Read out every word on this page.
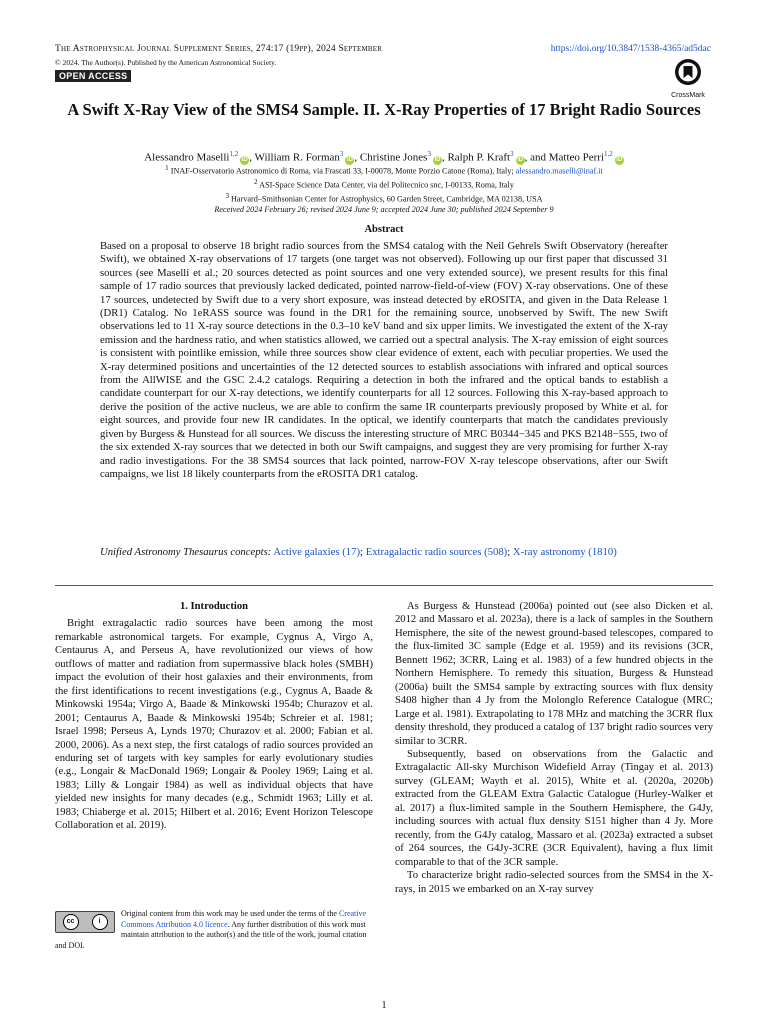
The Astrophysical Journal Supplement Series, 274:17 (19pp), 2024 September	https://doi.org/10.3847/1538-4365/ad5dac
© 2024. The Author(s). Published by the American Astronomical Society.
OPEN ACCESS
CrossMark
A Swift X-Ray View of the SMS4 Sample. II. X-Ray Properties of 17 Bright Radio Sources
Alessandro Maselli$^{1,2}$iD , William R. Forman$^3$iD , Christine Jones$^3$iD , Ralph P. Kraft$^3$iD , and Matteo Perri$^{1,2}$iD
$^1$ INAF-Osservatorio Astronomico di Roma, via Frascati 33, I-00078, Monte Porzio Catone (Roma), Italy; alessandro.maselli@inaf.it
$^2$ ASI-Space Science Data Center, via del Politecnico snc, I-00133, Roma, Italy
$^3$ Harvard–Smithsonian Center for Astrophysics, 60 Garden Street, Cambridge, MA 02138, USA
Received 2024 February 26; revised 2024 June 9; accepted 2024 June 30; published 2024 September 9
Abstract
Based on a proposal to observe 18 bright radio sources from the SMS4 catalog with the Neil Gehrels Swift Observatory (hereafter Swift), we obtained X-ray observations of 17 targets (one target was not observed). Following up our first paper that discussed 31 sources (see Maselli et al.; 20 sources detected as point sources and one very extended source), we present results for this final sample of 17 radio sources that previously lacked dedicated, pointed narrow-field-of-view (FOV) X-ray observations. One of these 17 sources, undetected by Swift due to a very short exposure, was instead detected by eROSITA, and given in the Data Release 1 (DR1) Catalog. No 1eRASS source was found in the DR1 for the remaining source, unobserved by Swift. The new Swift observations led to 11 X-ray source detections in the 0.3–10 keV band and six upper limits. We investigated the extent of the X-ray emission and the hardness ratio, and when statistics allowed, we carried out a spectral analysis. The X-ray emission of eight sources is consistent with pointlike emission, while three sources show clear evidence of extent, each with peculiar properties. We used the X-ray determined positions and uncertainties of the 12 detected sources to establish associations with infrared and optical sources from the AllWISE and the GSC 2.4.2 catalogs. Requiring a detection in both the infrared and the optical bands to establish a candidate counterpart for our X-ray detections, we identify counterparts for all 12 sources. Following this X-ray-based approach to derive the position of the active nucleus, we are able to confirm the same IR counterparts previously proposed by White et al. for eight sources, and provide four new IR candidates. In the optical, we identify counterparts that match the candidates previously given by Burgess & Hunstead for all sources. We discuss the interesting structure of MRC B0344−345 and PKS B2148−555, two of the six extended X-ray sources that we detected in both our Swift campaigns, and suggest they are very promising for further X-ray and radio investigations. For the 38 SMS4 sources that lack pointed, narrow-FOV X-ray telescope observations, after our Swift campaigns, we list 18 likely counterparts from the eROSITA DR1 catalog.
Unified Astronomy Thesaurus concepts: Active galaxies (17); Extragalactic radio sources (508); X-ray astronomy (1810)
1. Introduction

Bright extragalactic radio sources have been among the most remarkable astronomical targets. For example, Cygnus A, Virgo A, Centaurus A, and Perseus A, have revolutionized our views of how outflows of matter and radiation from supermassive black holes (SMBH) impact the evolution of their host galaxies and their environments, from the first identifications to recent investigations (e.g., Cygnus A, Baade & Minkowski 1954a; Virgo A, Baade & Minkowski 1954b; Churazov et al. 2001; Centaurus A, Baade & Minkowski 1954b; Schreier et al. 1981; Israel 1998; Perseus A, Lynds 1970; Churazov et al. 2000; Fabian et al. 2000, 2006). As a next step, the first catalogs of radio sources provided an enduring set of targets with key samples for early evolutionary studies (e.g., Longair & MacDonald 1969; Longair & Pooley 1969; Laing et al. 1983; Lilly & Longair 1984) as well as individual objects that have yielded new insights for many decades (e.g., Schmidt 1963; Lilly et al. 1983; Chiaberge et al. 2015; Hilbert et al. 2016; Event Horizon Telescope Collaboration et al. 2019).

As Burgess & Hunstead (2006a) pointed out (see also Dicken et al. 2012 and Massaro et al. 2023a), there is a lack of samples in the Southern Hemisphere, the site of the newest ground-based telescopes, compared to the flux-limited 3C sample (Edge et al. 1959) and its revisions (3CR, Bennett 1962; 3CRR, Laing et al. 1983) of a few hundred objects in the Northern Hemisphere. To remedy this situation, Burgess & Hunstead (2006a) built the SMS4 sample by extracting sources with flux density S408 higher than 4 Jy from the Molonglo Reference Catalogue (MRC; Large et al. 1981). Extrapolating to 178 MHz and matching the 3CRR flux density threshold, they produced a catalog of 137 bright radio sources very similar to 3CRR.

Subsequently, based on observations from the Galactic and Extragalactic All-sky Murchison Widefield Array (Tingay et al. 2013) survey (GLEAM; Wayth et al. 2015), White et al. (2020a, 2020b) extracted from the GLEAM Extra Galactic Catalogue (Hurley-Walker et al. 2017) a flux-limited sample in the Southern Hemisphere, the G4Jy, including sources with actual flux density S151 higher than 4 Jy. More recently, from the G4Jy catalog, Massaro et al. (2023a) extracted a subset of 264 sources, the G4Jy-3CRE (3CR Equivalent), having a flux limit comparable to that of the 3CR sample.

To characterize bright radio-selected sources from the SMS4 in the X-rays, in 2015 we embarked on an X-ray survey

cc	i
Original content from this work may be used under the terms of the Creative Commons Attribution 4.0 licence. Any further distribution of this work must maintain attribution to the author(s) and the title of the work, journal citation and DOI.
1
